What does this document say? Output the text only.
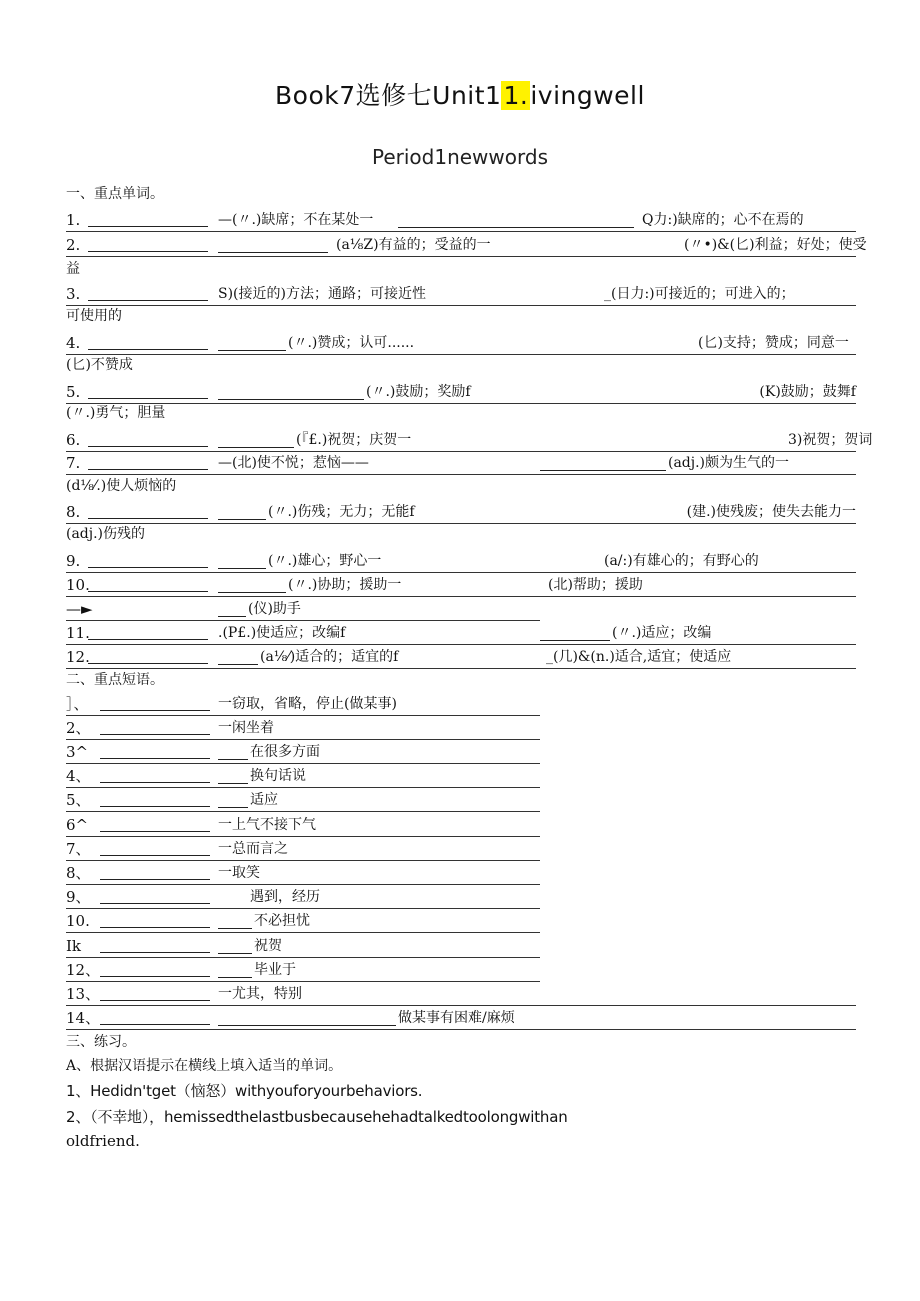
Book7选修七Unit11.ivingwell
Period1newwords
一、重点单词。
1.	—(〃.)缺席；不在某处一	Q力:)缺席的；心不在焉的
2.	(a⅛Z)有益的；受益的一	(〃•)&(匕)利益；好处；使受
益
3.	S)(接近的)方法；通路；可接近性	_(日力:)可接近的；可进入的；
可使用的
4.	(〃.)赞成；认可......	(匕)支持；赞成；同意一
(匕)不赞成
5.	(〃.)鼓励；奖励f	(K)鼓励；鼓舞f
(〃.)勇气；胆量
6.	(『£.)祝贺；庆贺一	3)祝贺；贺词
7.	—(北)使不悦；惹恼——	(adj.)颇为生气的一
(d⅛⁄.)使人烦恼的
8.	(〃.)伤残；无力；无能f	(建.)使残废；使失去能力一
(adj.)伤残的
9.	(〃.)雄心；野心一	(a/:)有雄心的；有野心的
10.	(〃.)协助；援助一	(北)帮助；援助
—►	(仪)助手
11.	.(P£.)使适应；改编f	(〃.)适应；改编
12.	(a⅛⁄)适合的；适宜的f	_(几)&(n.)适合,适宜；使适应
二、重点短语。
］、	一窃取，省略，停止(做某事)
2、	一闲坐着
3^	在很多方面
4、	换句话说
5、	适应
6^	一上气不接下气
7、	一总而言之
8、	一取笑
9、	遇到，经历
10.	不必担忧
Ik	祝贺
12、	毕业于
13、	一尤其，特别
14、	做某事有困难/麻烦
三、练习。
A、根据汉语提示在横线上填入适当的单词。
1、Hedidn'tget（恼怒）withyouforyourbehaviors.
2、（不幸地），hemissedthelastbusbecausehehadtalkedtoolongwithan
oldfriend.
